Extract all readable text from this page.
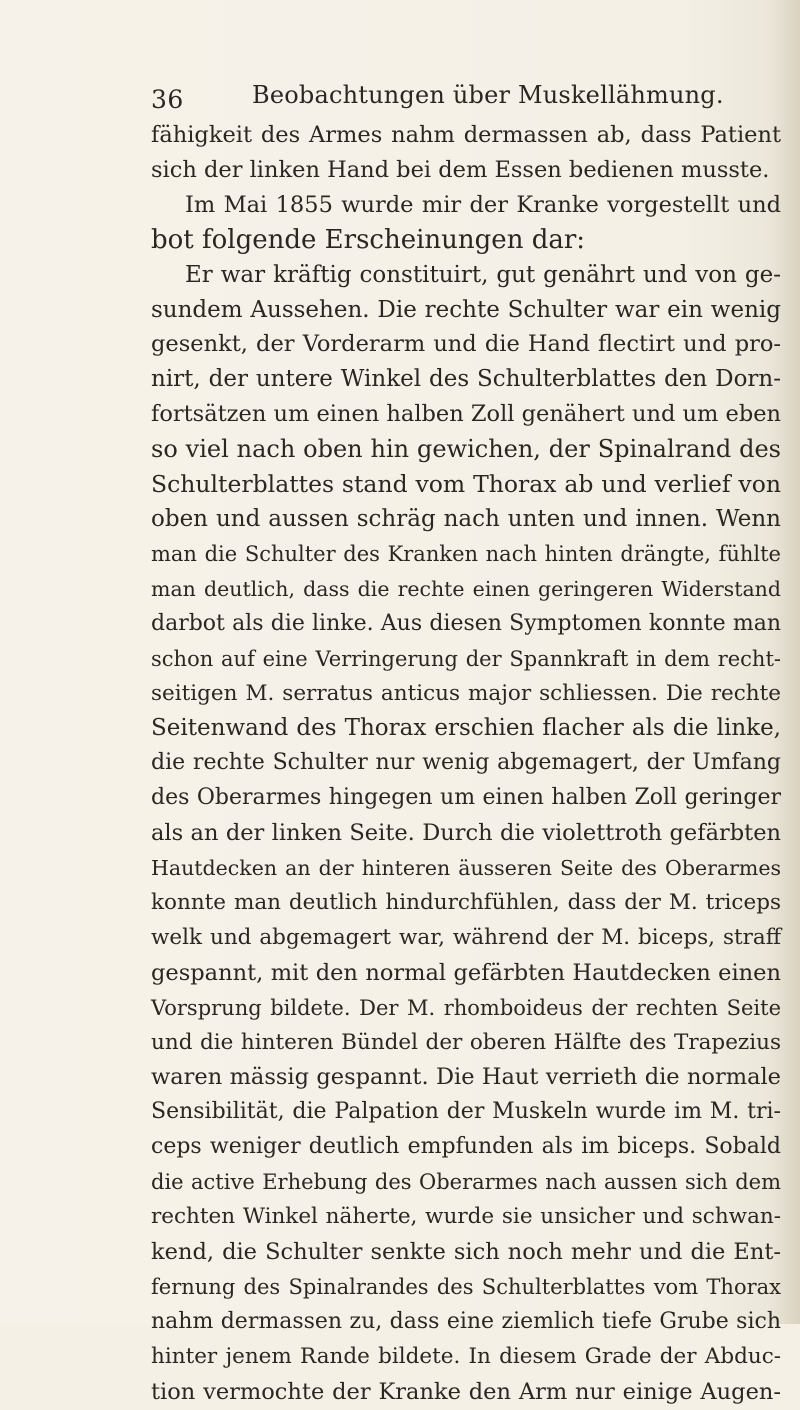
36	Beobachtungen über Muskellähmung.
fähigkeit des Armes nahm dermassen ab, dass Patient
sich der linken Hand bei dem Essen bedienen musste.
Im Mai 1855 wurde mir der Kranke vorgestellt und
bot folgende Erscheinungen dar:
Er war kräftig constituirt, gut genährt und von ge-
sundem Aussehen. Die rechte Schulter war ein wenig
gesenkt, der Vorderarm und die Hand flectirt und pro-
nirt, der untere Winkel des Schulterblattes den Dorn-
fortsätzen um einen halben Zoll genähert und um eben
so viel nach oben hin gewichen, der Spinalrand des
Schulterblattes stand vom Thorax ab und verlief von
oben und aussen schräg nach unten und innen. Wenn
man die Schulter des Kranken nach hinten drängte, fühlte
man deutlich, dass die rechte einen geringeren Widerstand
darbot als die linke. Aus diesen Symptomen konnte man
schon auf eine Verringerung der Spannkraft in dem recht-
seitigen M. serratus anticus major schliessen. Die rechte
Seitenwand des Thorax erschien flacher als die linke,
die rechte Schulter nur wenig abgemagert, der Umfang
des Oberarmes hingegen um einen halben Zoll geringer
als an der linken Seite. Durch die violettroth gefärbten
Hautdecken an der hinteren äusseren Seite des Oberarmes
konnte man deutlich hindurchfühlen, dass der M. triceps
welk und abgemagert war, während der M. biceps, straff
gespannt, mit den normal gefärbten Hautdecken einen
Vorsprung bildete. Der M. rhomboideus der rechten Seite
und die hinteren Bündel der oberen Hälfte des Trapezius
waren mässig gespannt. Die Haut verrieth die normale
Sensibilität, die Palpation der Muskeln wurde im M. tri-
ceps weniger deutlich empfunden als im biceps. Sobald
die active Erhebung des Oberarmes nach aussen sich dem
rechten Winkel näherte, wurde sie unsicher und schwan-
kend, die Schulter senkte sich noch mehr und die Ent-
fernung des Spinalrandes des Schulterblattes vom Thorax
nahm dermassen zu, dass eine ziemlich tiefe Grube sich
hinter jenem Rande bildete. In diesem Grade der Abduc-
tion vermochte der Kranke den Arm nur einige Augen-
